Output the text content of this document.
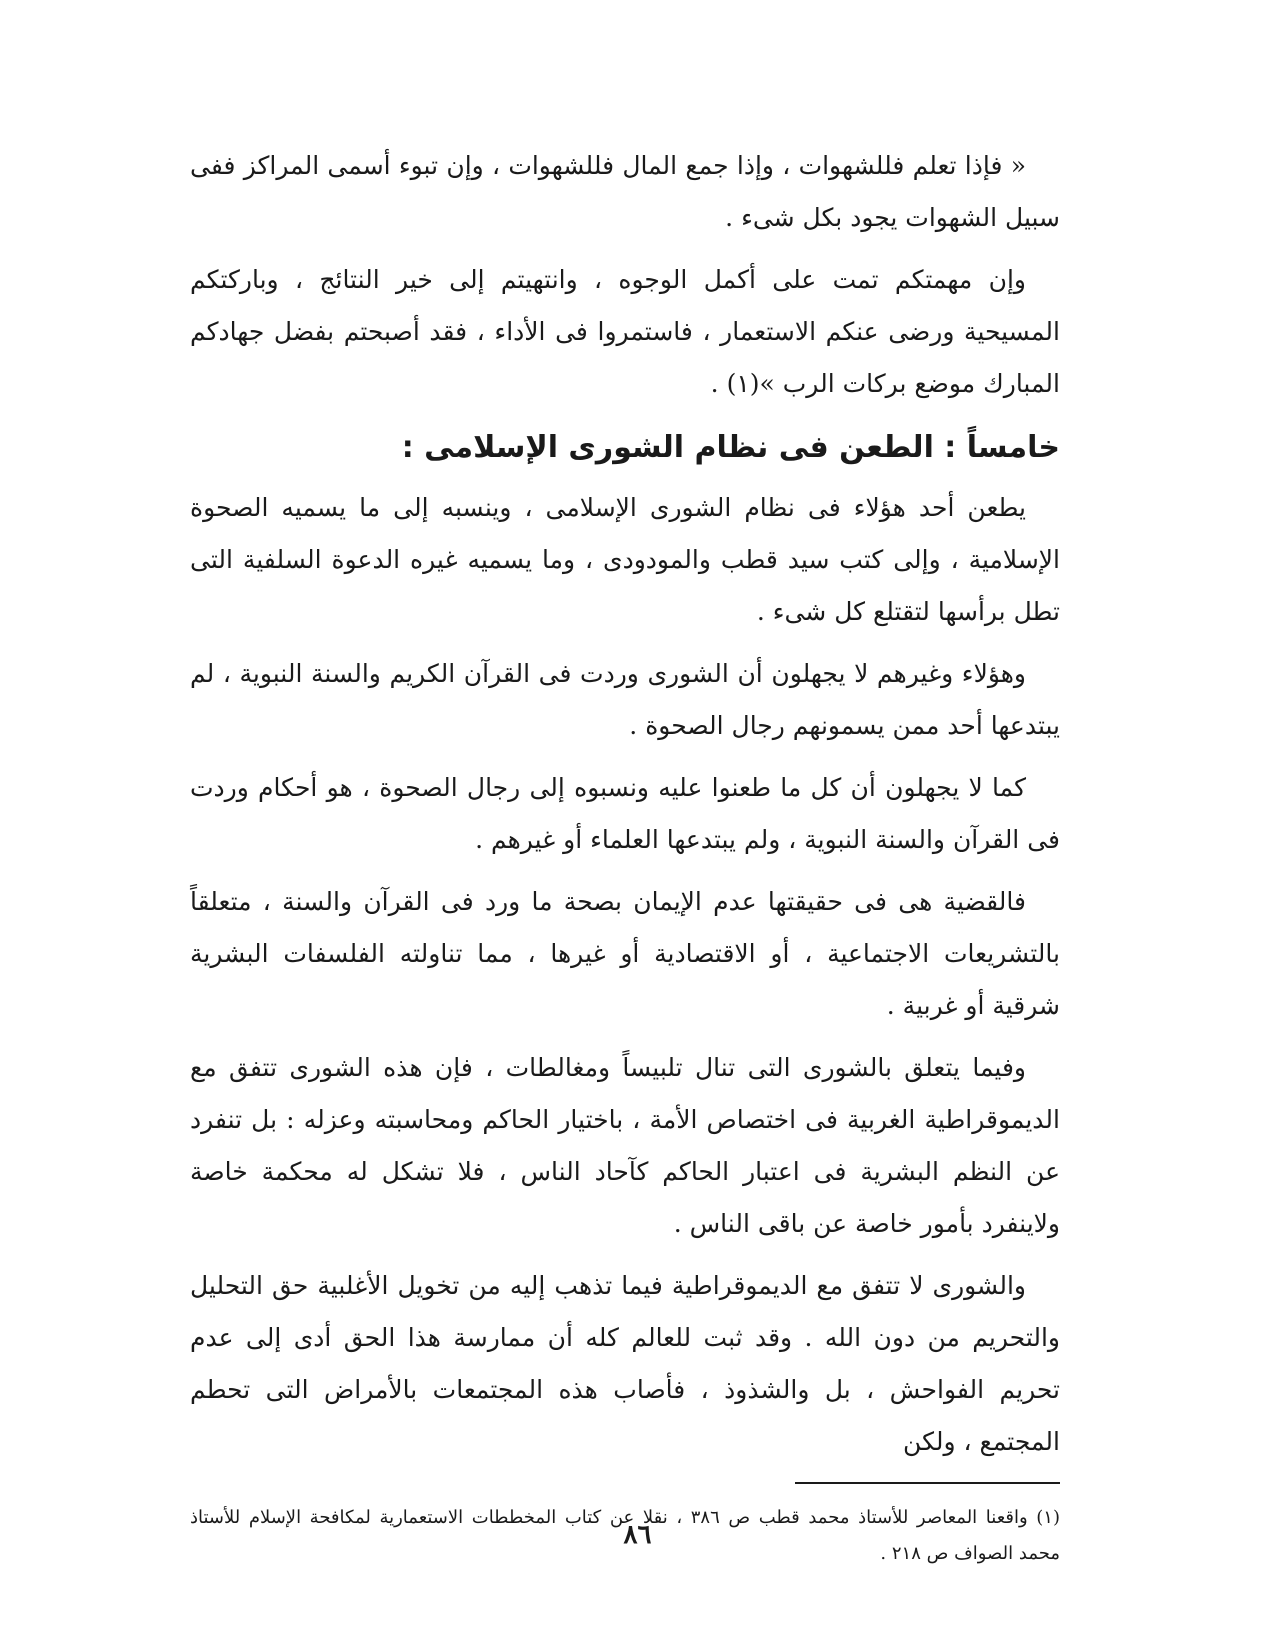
« فإذا تعلم فللشهوات ، وإذا جمع المال فللشهوات ، وإن تبوء أسمى المراكز ففى سبيل الشهوات يجود بكل شىء .

وإن مهمتكم تمت على أكمل الوجوه ، وانتهيتم إلى خير النتائج ، وباركتكم المسيحية ورضى عنكم الاستعمار ، فاستمروا فى الأداء ، فقد أصبحتم بفضل جهادكم المبارك موضع بركات الرب »(١) .

خامساً : الطعن فى نظام الشورى الإسلامى :

يطعن أحد هؤلاء فى نظام الشورى الإسلامى ، وينسبه إلى ما يسميه الصحوة الإسلامية ، وإلى كتب سيد قطب والمودودى ، وما يسميه غيره الدعوة السلفية التى تطل برأسها لتقتلع كل شىء .

وهؤلاء وغيرهم لا يجهلون أن الشورى وردت فى القرآن الكريم والسنة النبوية ، لم يبتدعها أحد ممن يسمونهم رجال الصحوة .

كما لا يجهلون أن كل ما طعنوا عليه ونسبوه إلى رجال الصحوة ، هو أحكام وردت فى القرآن والسنة النبوية ، ولم يبتدعها العلماء أو غيرهم .

فالقضية هى فى حقيقتها عدم الإيمان بصحة ما ورد فى القرآن والسنة ، متعلقاً بالتشريعات الاجتماعية ، أو الاقتصادية أو غيرها ، مما تناولته الفلسفات البشرية شرقية أو غربية .

وفيما يتعلق بالشورى التى تنال تلبيساً ومغالطات ، فإن هذه الشورى تتفق مع الديموقراطية الغربية فى اختصاص الأمة ، باختيار الحاكم ومحاسبته وعزله : بل تنفرد عن النظم البشرية فى اعتبار الحاكم كآحاد الناس ، فلا تشكل له محكمة خاصة ولاينفرد بأمور خاصة عن باقى الناس .

والشورى لا تتفق مع الديموقراطية فيما تذهب إليه من تخويل الأغلبية حق التحليل والتحريم من دون الله . وقد ثبت للعالم كله أن ممارسة هذا الحق أدى إلى عدم تحريم الفواحش ، بل والشذوذ ، فأصاب هذه المجتمعات بالأمراض التى تحطم المجتمع ، ولكن

(١) واقعنا المعاصر للأستاذ محمد قطب ص ٣٨٦ ، نقلا عن كتاب المخططات الاستعمارية لمكافحة الإسلام للأستاذ محمد الصواف ص ٢١٨ .

٨٦
